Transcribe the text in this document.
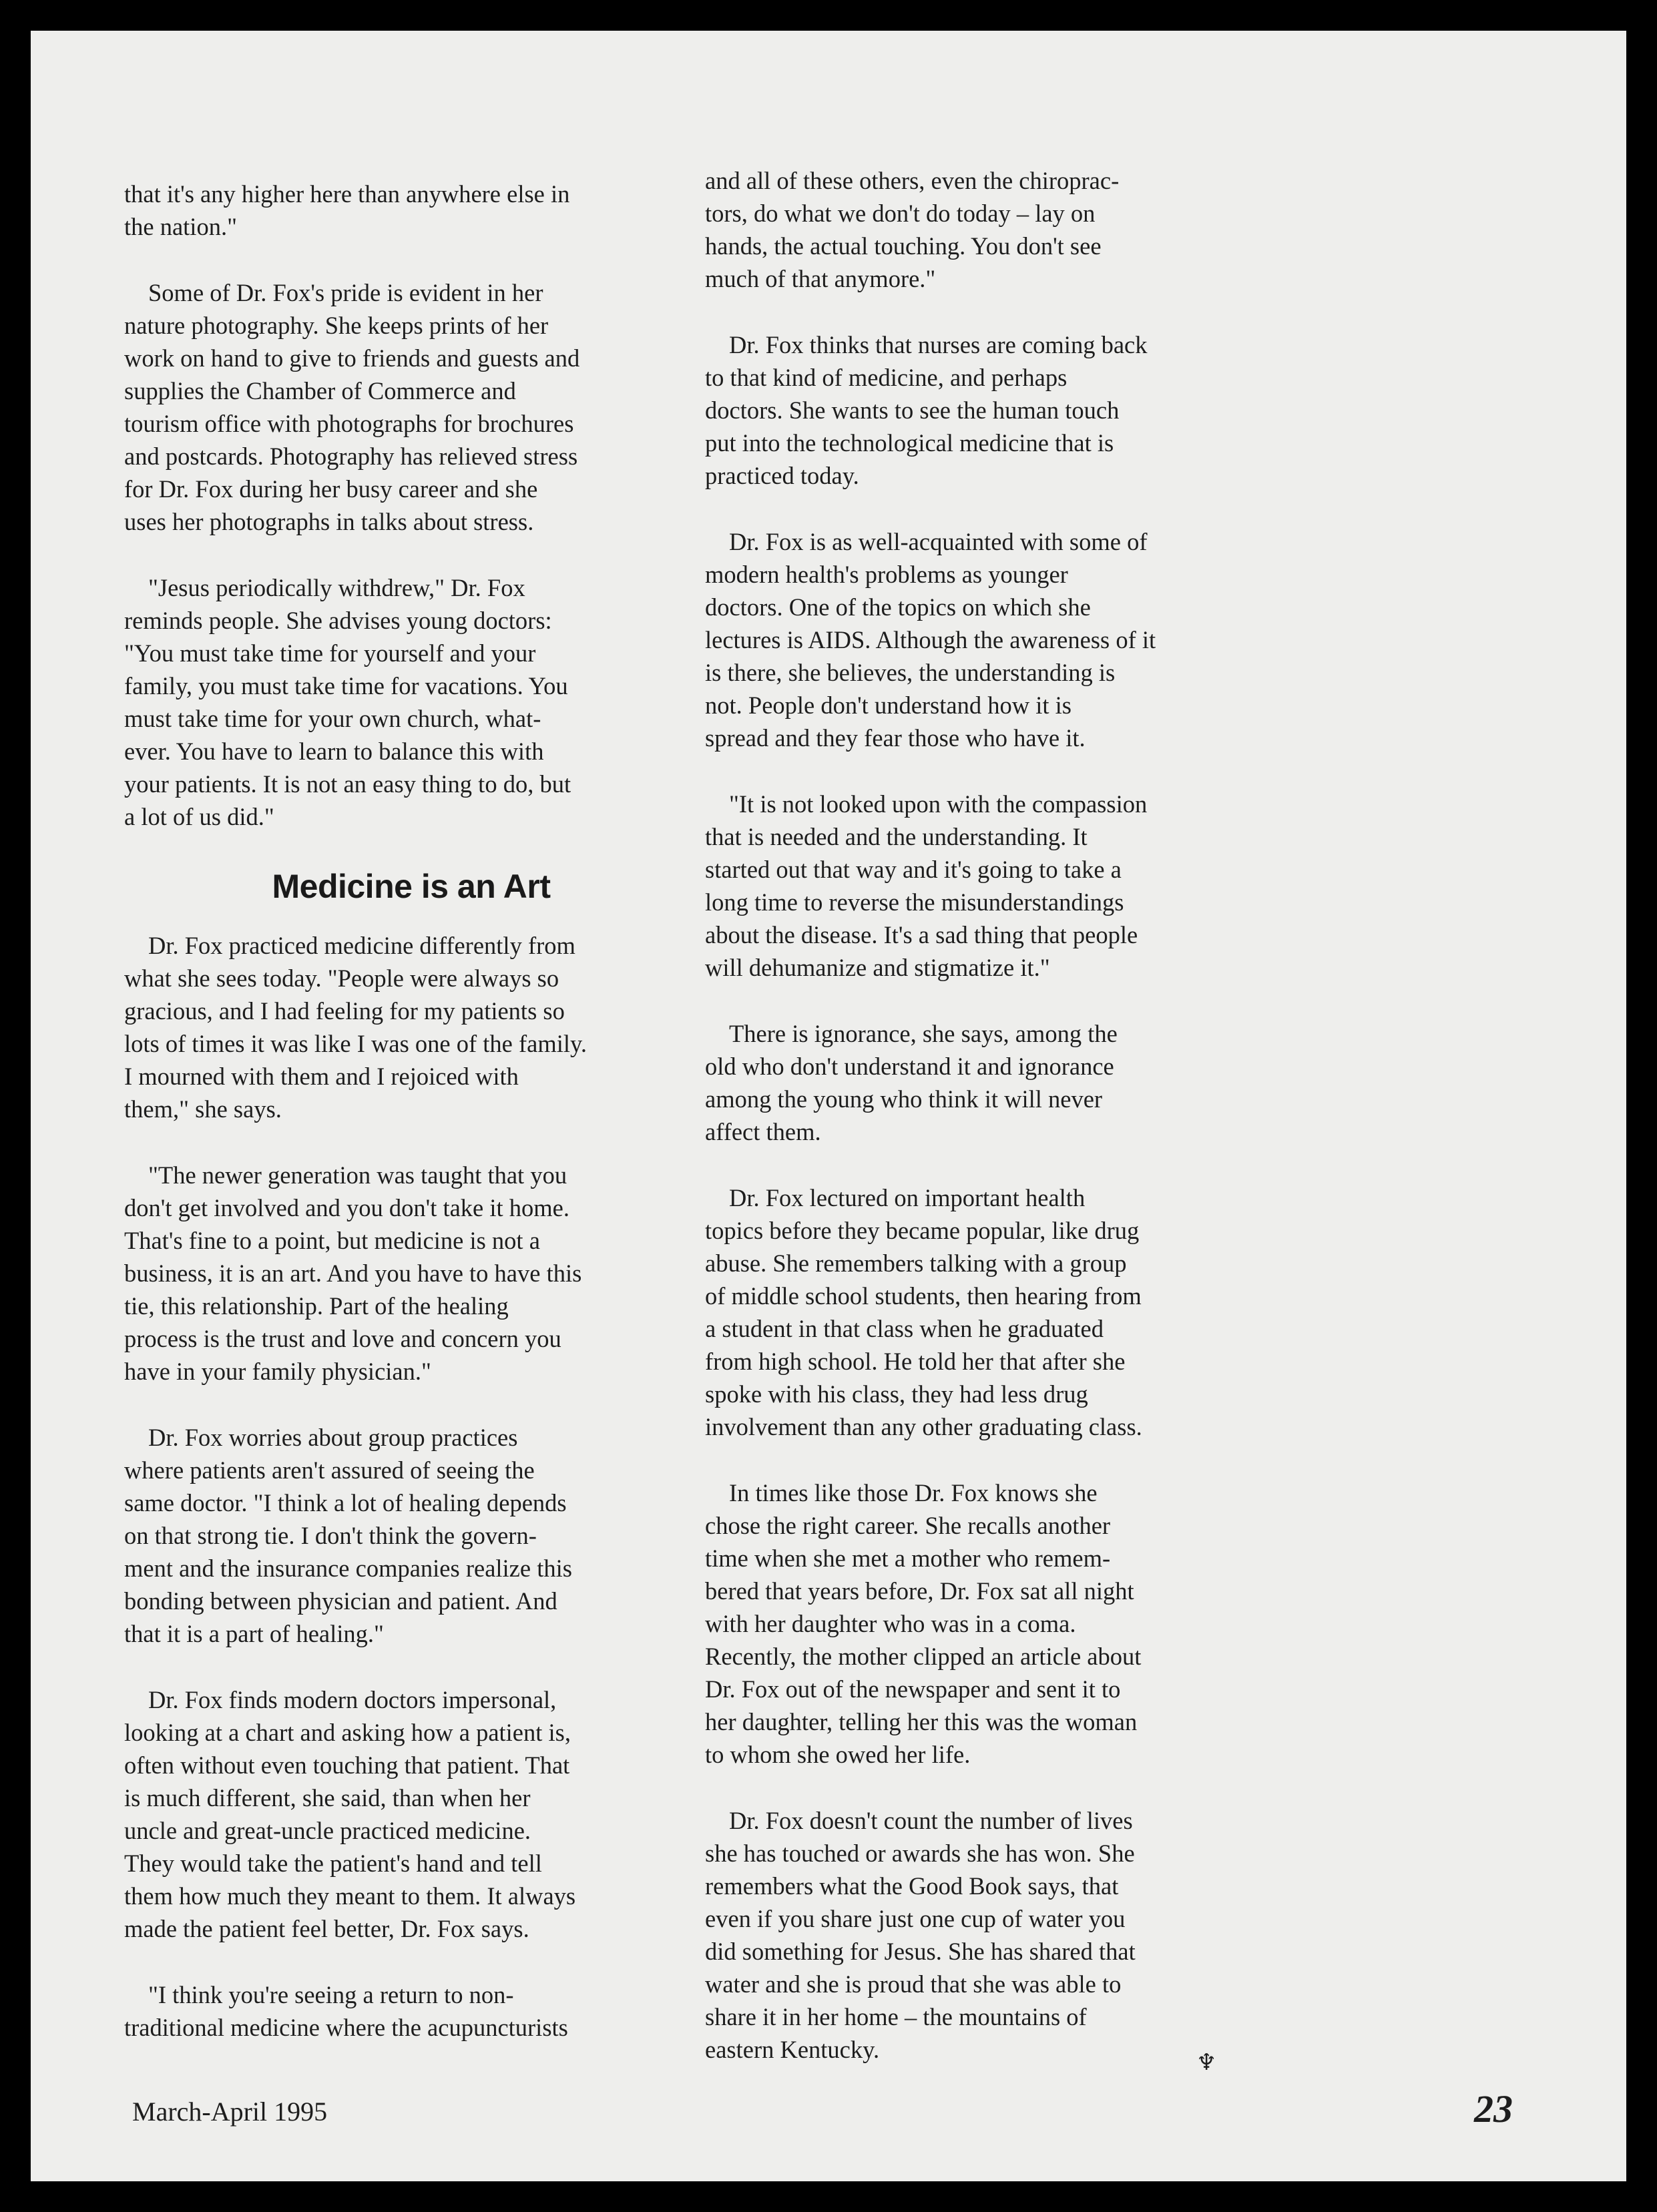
that it's any higher here than anywhere else in
the nation."

Some of Dr. Fox's pride is evident in her
nature photography. She keeps prints of her
work on hand to give to friends and guests and
supplies the Chamber of Commerce and
tourism office with photographs for brochures
and postcards. Photography has relieved stress
for Dr. Fox during her busy career and she
uses her photographs in talks about stress.

"Jesus periodically withdrew," Dr. Fox
reminds people. She advises young doctors:
"You must take time for yourself and your
family, you must take time for vacations. You
must take time for your own church, what-
ever. You have to learn to balance this with
your patients. It is not an easy thing to do, but
a lot of us did."

Medicine is an Art

Dr. Fox practiced medicine differently from
what she sees today. "People were always so
gracious, and I had feeling for my patients so
lots of times it was like I was one of the family.
I mourned with them and I rejoiced with
them," she says.

"The newer generation was taught that you
don't get involved and you don't take it home.
That's fine to a point, but medicine is not a
business, it is an art. And you have to have this
tie, this relationship. Part of the healing
process is the trust and love and concern you
have in your family physician."

Dr. Fox worries about group practices
where patients aren't assured of seeing the
same doctor. "I think a lot of healing depends
on that strong tie. I don't think the govern-
ment and the insurance companies realize this
bonding between physician and patient. And
that it is a part of healing."

Dr. Fox finds modern doctors impersonal,
looking at a chart and asking how a patient is,
often without even touching that patient. That
is much different, she said, than when her
uncle and great-uncle practiced medicine.
They would take the patient's hand and tell
them how much they meant to them. It always
made the patient feel better, Dr. Fox says.

"I think you're seeing a return to non-
traditional medicine where the acupuncturists

and all of these others, even the chiroprac-
tors, do what we don't do today – lay on
hands, the actual touching. You don't see
much of that anymore."

Dr. Fox thinks that nurses are coming back
to that kind of medicine, and perhaps
doctors. She wants to see the human touch
put into the technological medicine that is
practiced today.

Dr. Fox is as well-acquainted with some of
modern health's problems as younger
doctors. One of the topics on which she
lectures is AIDS. Although the awareness of it
is there, she believes, the understanding is
not. People don't understand how it is
spread and they fear those who have it.

"It is not looked upon with the compassion
that is needed and the understanding. It
started out that way and it's going to take a
long time to reverse the misunderstandings
about the disease. It's a sad thing that people
will dehumanize and stigmatize it."

There is ignorance, she says, among the
old who don't understand it and ignorance
among the young who think it will never
affect them.

Dr. Fox lectured on important health
topics before they became popular, like drug
abuse. She remembers talking with a group
of middle school students, then hearing from
a student in that class when he graduated
from high school. He told her that after she
spoke with his class, they had less drug
involvement than any other graduating class.

In times like those Dr. Fox knows she
chose the right career. She recalls another
time when she met a mother who remem-
bered that years before, Dr. Fox sat all night
with her daughter who was in a coma.
Recently, the mother clipped an article about
Dr. Fox out of the newspaper and sent it to
her daughter, telling her this was the woman
to whom she owed her life.

Dr. Fox doesn't count the number of lives
she has touched or awards she has won. She
remembers what the Good Book says, that
even if you share just one cup of water you
did something for Jesus. She has shared that
water and she is proud that she was able to
share it in her home – the mountains of
eastern Kentucky.	♆
March-April 1995	23
